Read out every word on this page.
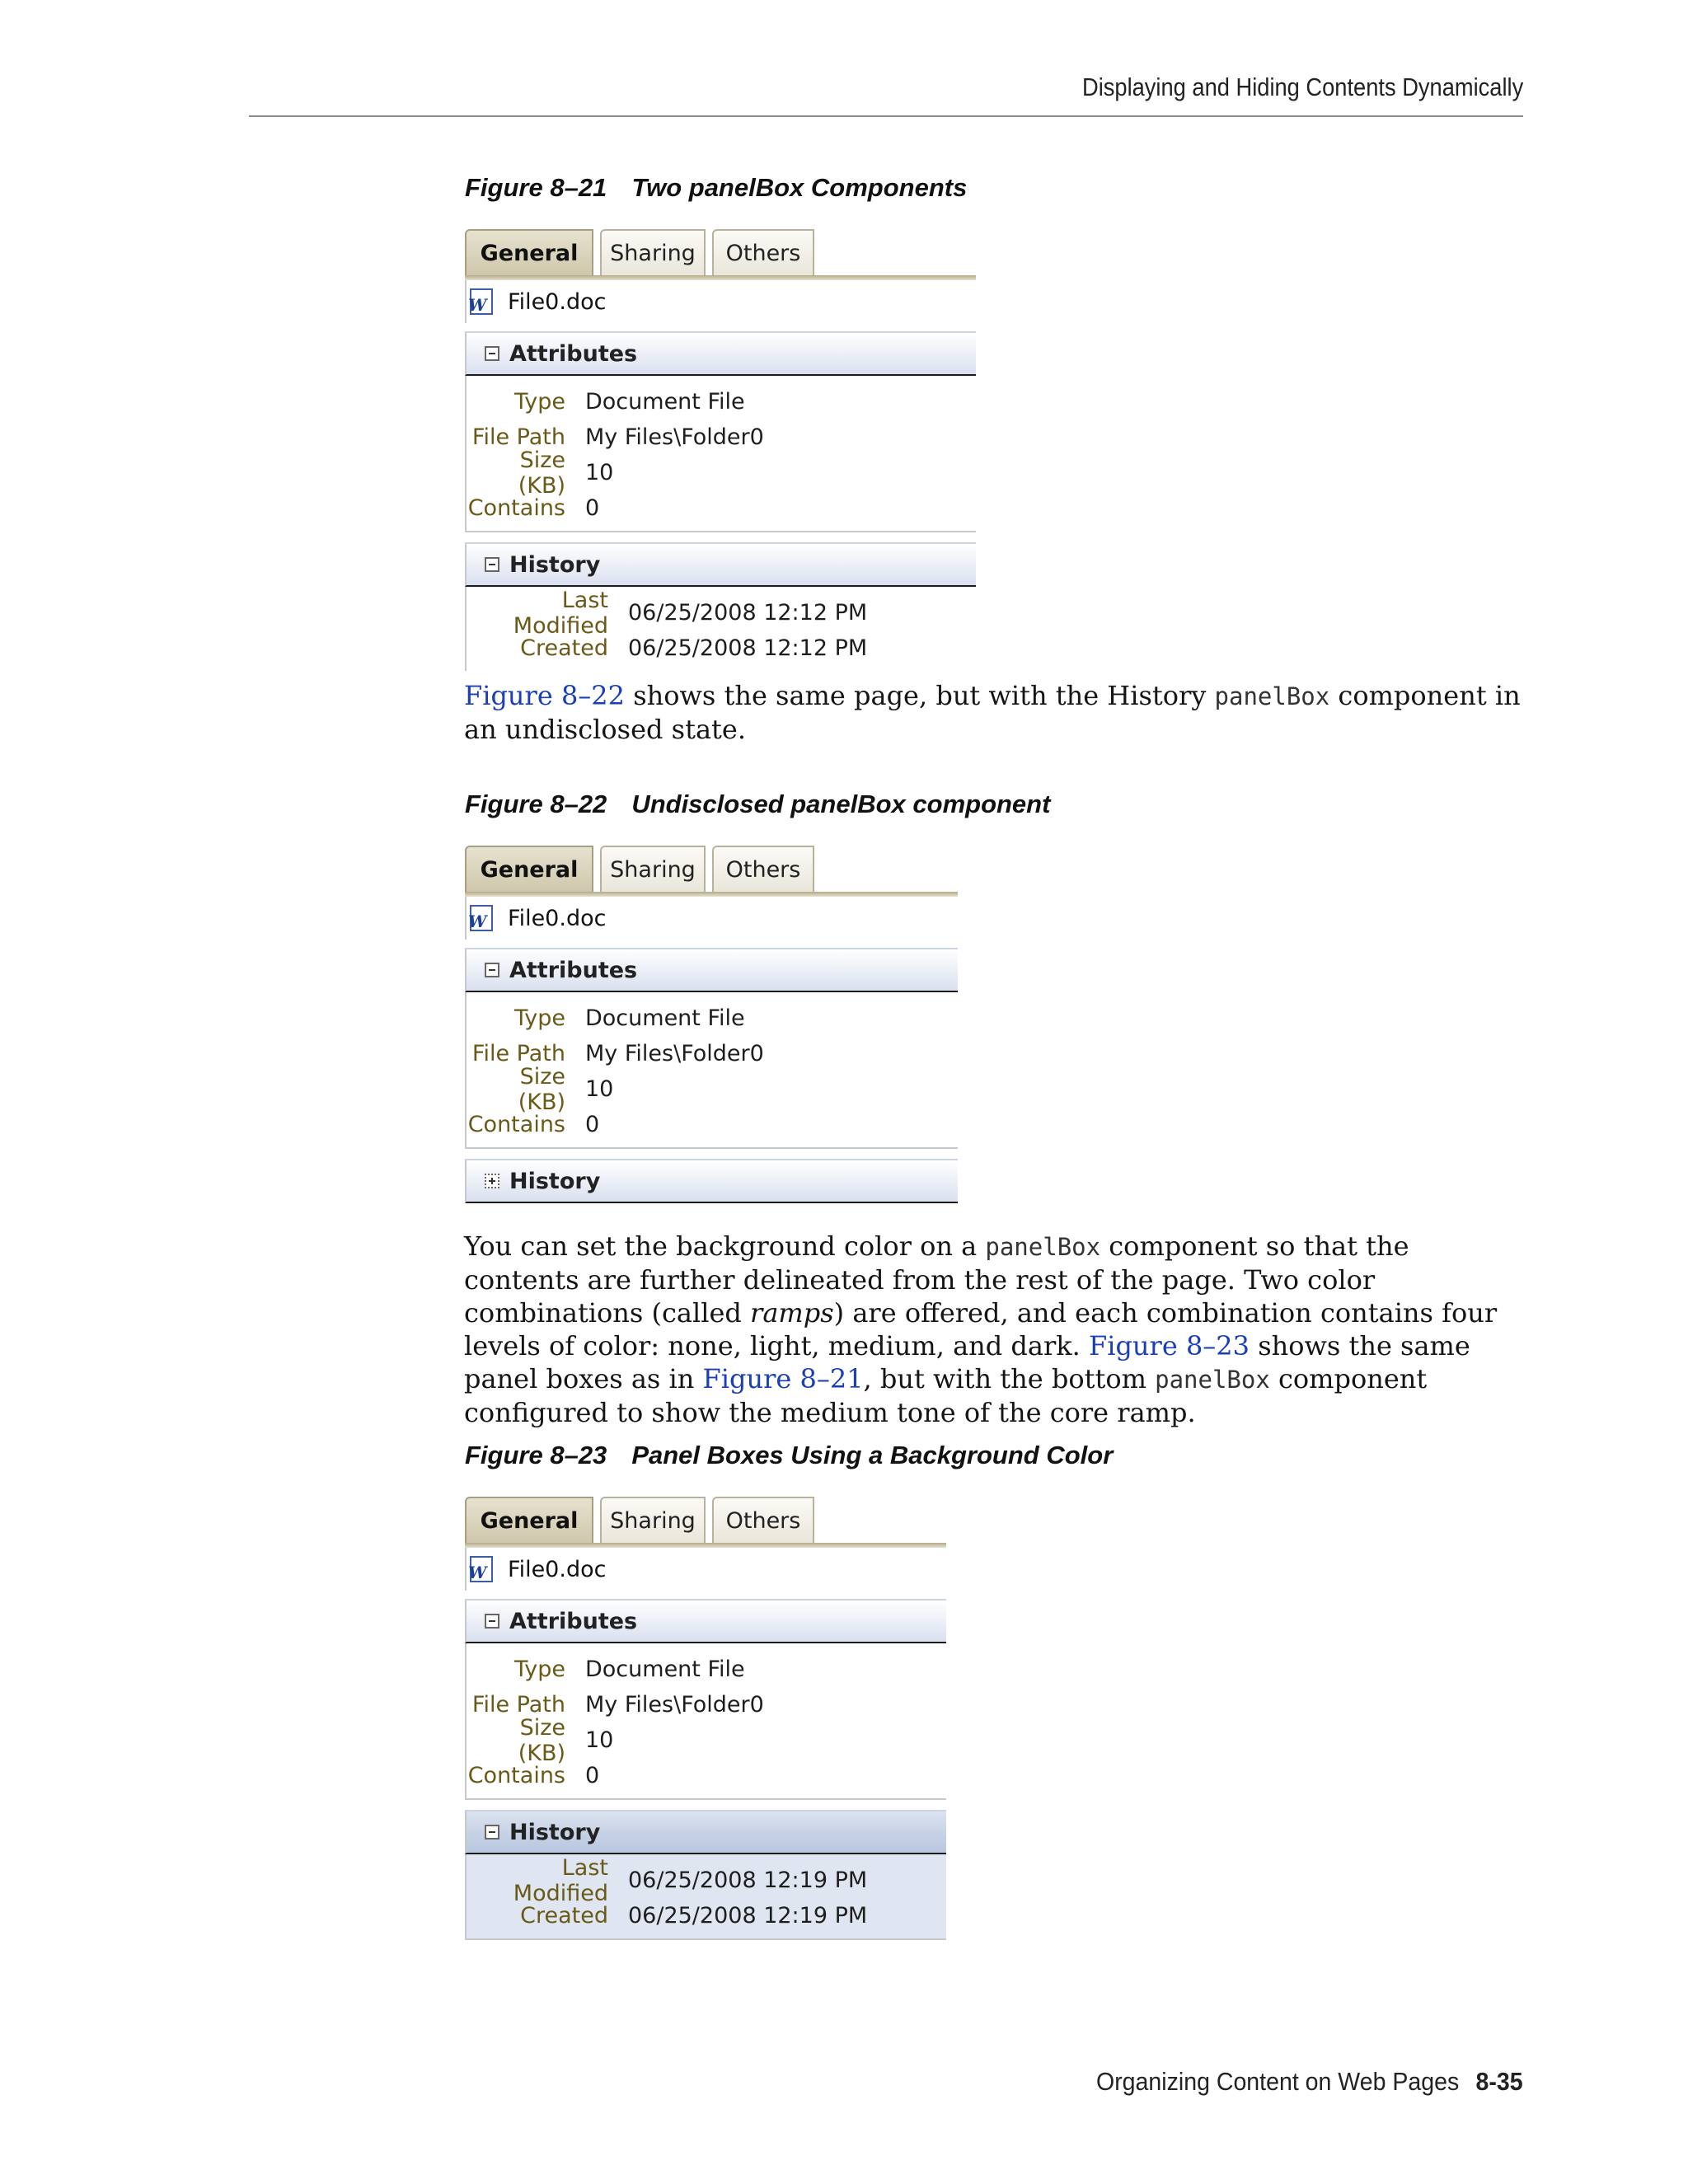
Displaying and Hiding Contents Dynamically
Figure 8–21 Two panelBox Components
General Sharing Others
W
File0.doc
Attributes
Type Document File
File Path My Files\Folder0
Size (KB) 10
Contains 0
History
Last Modified 06/25/2008 12:12 PM
Created 06/25/2008 12:12 PM

Figure 8–22 shows the same page, but with the History panelBox component in an undisclosed state.

Figure 8–22 Undisclosed panelBox component
General Sharing Others
W
File0.doc
Attributes
Type Document File
File Path My Files\Folder0
Size (KB) 10
Contains 0
History

You can set the background color on a panelBox component so that the contents are further delineated from the rest of the page. Two color combinations (called ramps) are offered, and each combination contains four levels of color: none, light, medium, and dark. Figure 8–23 shows the same panel boxes as in Figure 8–21, but with the bottom panelBox component configured to show the medium tone of the core ramp.

Figure 8–23 Panel Boxes Using a Background Color
General Sharing Others
W
File0.doc
Attributes
Type Document File
File Path My Files\Folder0
Size (KB) 10
Contains 0
History
Last Modified 06/25/2008 12:19 PM
Created 06/25/2008 12:19 PM
Organizing Content on Web Pages 8-35
